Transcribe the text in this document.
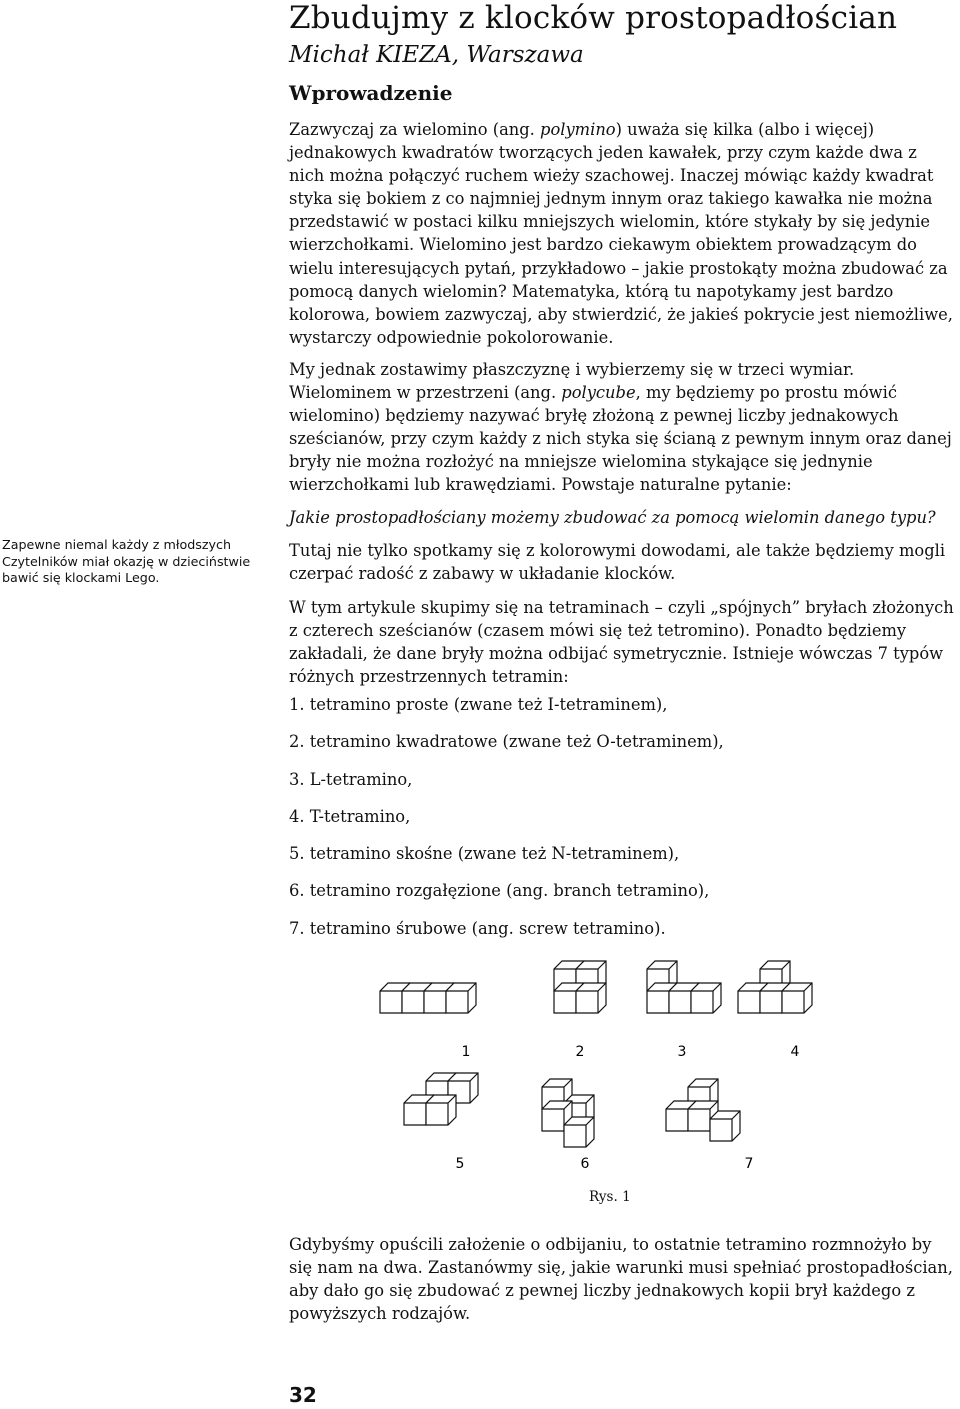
Zbudujmy z klocków prostopadłościan
Michał KIEZA, Warszawa
Wprowadzenie

Zazwyczaj za wielomino (ang. polymino) uważa się kilka (albo i więcej) jednakowych kwadratów tworzących jeden kawałek, przy czym każde dwa z nich można połączyć ruchem wieży szachowej. Inaczej mówiąc każdy kwadrat styka się bokiem z co najmniej jednym innym oraz takiego kawałka nie można przedstawić w postaci kilku mniejszych wielomin, które stykały by się jedynie wierzchołkami. Wielomino jest bardzo ciekawym obiektem prowadzącym do wielu interesujących pytań, przykładowo – jakie prostokąty można zbudować za pomocą danych wielomin? Matematyka, którą tu napotykamy jest bardzo kolorowa, bowiem zazwyczaj, aby stwierdzić, że jakieś pokrycie jest niemożliwe, wystarczy odpowiednie pokolorowanie.

My jednak zostawimy płaszczyznę i wybierzemy się w trzeci wymiar. Wielominem w przestrzeni (ang. polycube, my będziemy po prostu mówić wielomino) będziemy nazywać bryłę złożoną z pewnej liczby jednakowych sześcianów, przy czym każdy z nich styka się ścianą z pewnym innym oraz danej bryły nie można rozłożyć na mniejsze wielomina stykające się jednynie wierzchołkami lub krawędziami. Powstaje naturalne pytanie:

Jakie prostopadłościany możemy zbudować za pomocą wielomin danego typu?

Tutaj nie tylko spotkamy się z kolorowymi dowodami, ale także będziemy mogli czerpać radość z zabawy w układanie klocków.

W tym artykule skupimy się na tetraminach – czyli „spójnych” bryłach złożonych z czterech sześcianów (czasem mówi się też tetromino). Ponadto będziemy zakładali, że dane bryły można odbijać symetrycznie. Istnieje wówczas 7 typów różnych przestrzennych tetramin:

1. tetramino proste (zwane też I-tetraminem),
2. tetramino kwadratowe (zwane też O-tetraminem),
3. L-tetramino,
4. T-tetramino,
5. tetramino skośne (zwane też N-tetraminem),
6. tetramino rozgałęzione (ang. branch tetramino),
7. tetramino śrubowe (ang. screw tetramino).
Zapewne niemal każdy z młodszych Czytelników miał okazję w dzieciństwie bawić się klockami Lego.
1	2	3	4
5	6	7
Rys. 1

Gdybyśmy opuścili założenie o odbijaniu, to ostatnie tetramino rozmnożyło by się nam na dwa. Zastanówmy się, jakie warunki musi spełniać prostopadłościan, aby dało go się zbudować z pewnej liczby jednakowych kopii brył każdego z powyższych rodzajów.

32
